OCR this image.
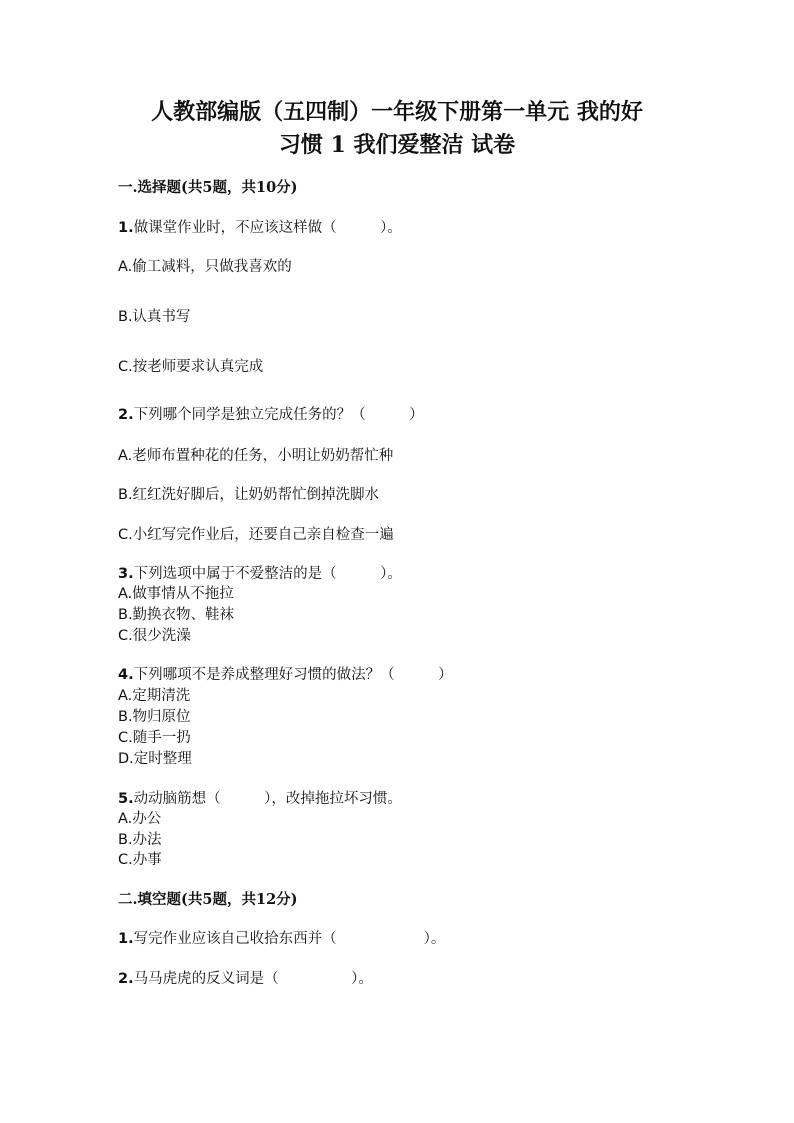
人教部编版（五四制）一年级下册第一单元 我的好
习惯 1 我们爱整洁 试卷
一.选择题(共5题，共10分)
1.做课堂作业时，不应该这样做（　　　）。
A.偷工减料，只做我喜欢的
B.认真书写
C.按老师要求认真完成
2.下列哪个同学是独立完成任务的？（　　　）
A.老师布置种花的任务，小明让奶奶帮忙种
B.红红洗好脚后，让奶奶帮忙倒掉洗脚水
C.小红写完作业后，还要自己亲自检查一遍
3.下列选项中属于不爱整洁的是（　　　）。
A.做事情从不拖拉
B.勤换衣物、鞋袜
C.很少洗澡
4.下列哪项不是养成整理好习惯的做法？（　　　）
A.定期清洗
B.物归原位
C.随手一扔
D.定时整理
5.动动脑筋想（　　　），改掉拖拉坏习惯。
A.办公
B.办法
C.办事
二.填空题(共5题，共12分)
1.写完作业应该自己收拾东西并（　　　　　　）。
2.马马虎虎的反义词是（　　　　　）。
